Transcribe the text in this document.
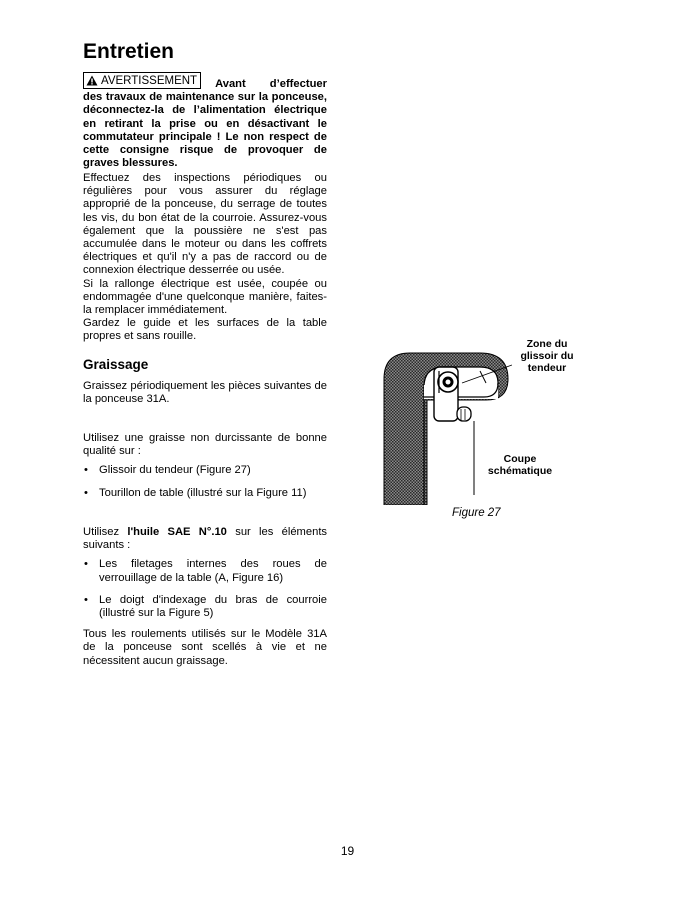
Entretien

AVERTISSEMENT Avant d’effectuer des travaux de maintenance sur la ponceuse, déconnectez-la de l’alimentation électrique en retirant la prise ou en désactivant le commutateur principale ! Le non respect de cette consigne risque de provoquer de graves blessures.

Effectuez des inspections périodiques ou régulières pour vous assurer du réglage approprié de la ponceuse, du serrage de toutes les vis, du bon état de la courroie. Assurez-vous également que la poussière ne s'est pas accumulée dans le moteur ou dans les coffrets électriques et qu'il n'y a pas de raccord ou de connexion électrique desserrée ou usée.

Si la rallonge électrique est usée, coupée ou endommagée d'une quelconque manière, faites-la remplacer immédiatement.

Gardez le guide et les surfaces de la table propres et sans rouille.

Graissage

Graissez périodiquement les pièces suivantes de la ponceuse 31A.

Utilisez une graisse non durcissante de bonne qualité sur :

• Glissoir du tendeur (Figure 27)
• Tourillon de table (illustré sur la Figure 11)

Utilisez l'huile SAE N°.10 sur les éléments suivants :

• Les filetages internes des roues de verrouillage de la table (A, Figure 16)
• Le doigt d'indexage du bras de courroie (illustré sur la Figure 5)

Tous les roulements utilisés sur le Modèle 31A de la ponceuse sont scellés à vie et ne nécessitent aucun graissage.

Zone du glissoir du tendeur
Coupe schématique
Figure 27
19
